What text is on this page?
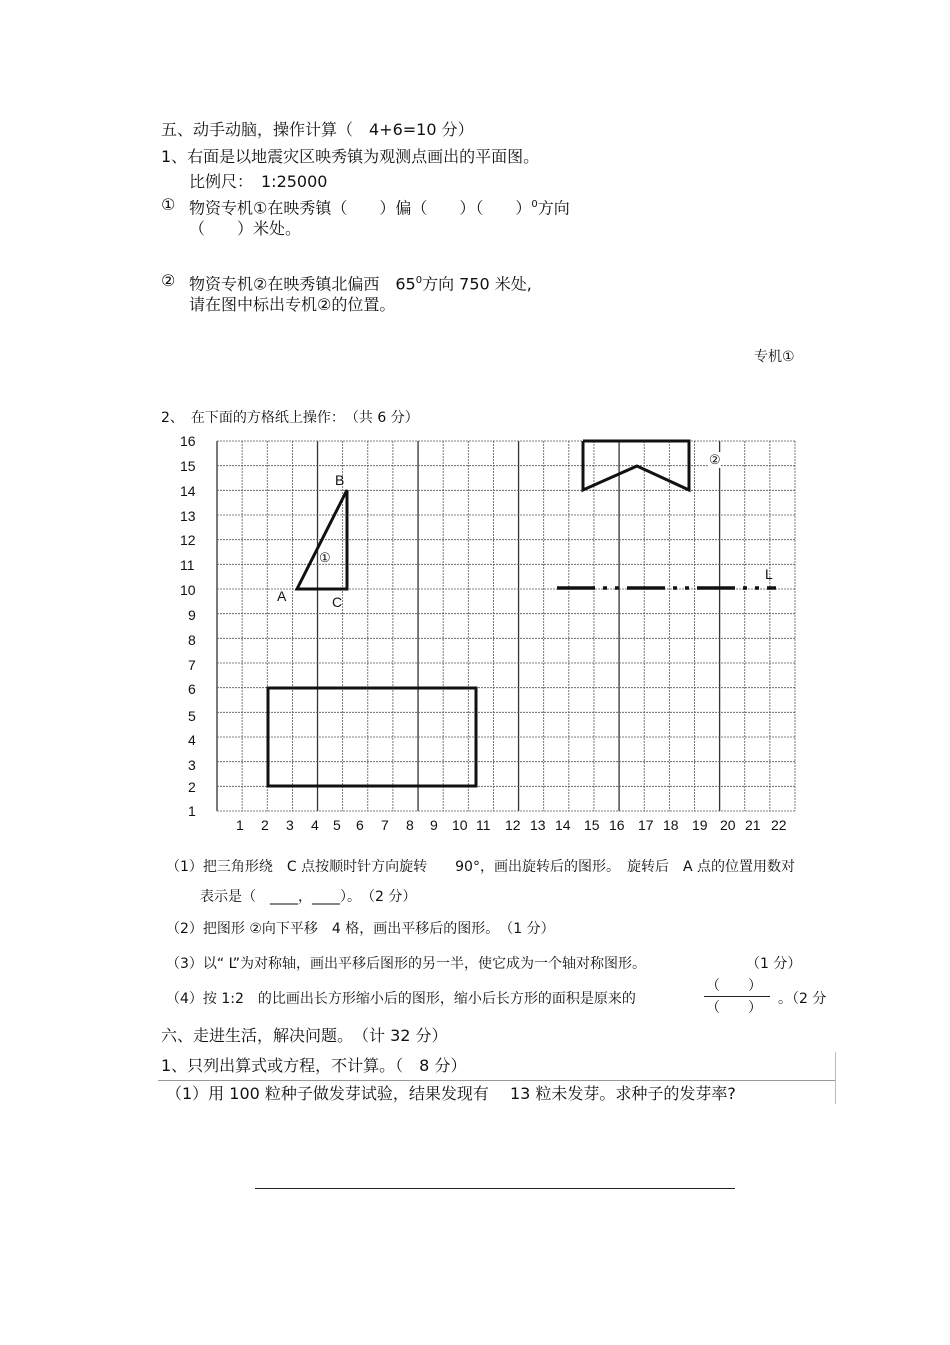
五、动手动脑，操作计算（　4+6=10 分）
1、右面是以地震灾区映秀镇为观测点画出的平面图。
比例尺：　1:25000
① 物资专机①在映秀镇（　　）偏（　　）（　　）$^0$方向
（　　）米处。
② 物资专机②在映秀镇北偏西　$65^0$方向 750 米处,
请在图中标出专机②的位置。
专机①
2、　在下面的方格纸上操作：　（共 6 分）
16
15
14
13
12
11
10
9
8
7
6
5
4
3
2
1
1 2 3 4 5 6 7 8 9 10 11 12 13 14 15 16 17 18 19 20 21 22
A
B
C
L
①
②
（1）把三角形绕　C 点按顺时针方向旋转　　90°，画出旋转后的图形。　旋转后　A 点的位置用数对
表示是（　____，____）。　（2 分）
（2）把图形 ②向下平移　4 格，画出平移后的图形。　（1 分）
（3）以“ L”为对称轴，画出平移后图形的另一半，使它成为一个轴对称图形。	（1 分）
（4）按 1:2　的比画出长方形缩小后的图形，缩小后长方形的面积是原来的
（　　）
（　　）
。（2 分
六、走进生活，解决问题。　（计 32 分）
1、只列出算式或方程，不计算。（　8 分）
（1）用 100 粒种子做发芽试验，结果发现有　 13 粒未发芽。求种子的发芽率?
